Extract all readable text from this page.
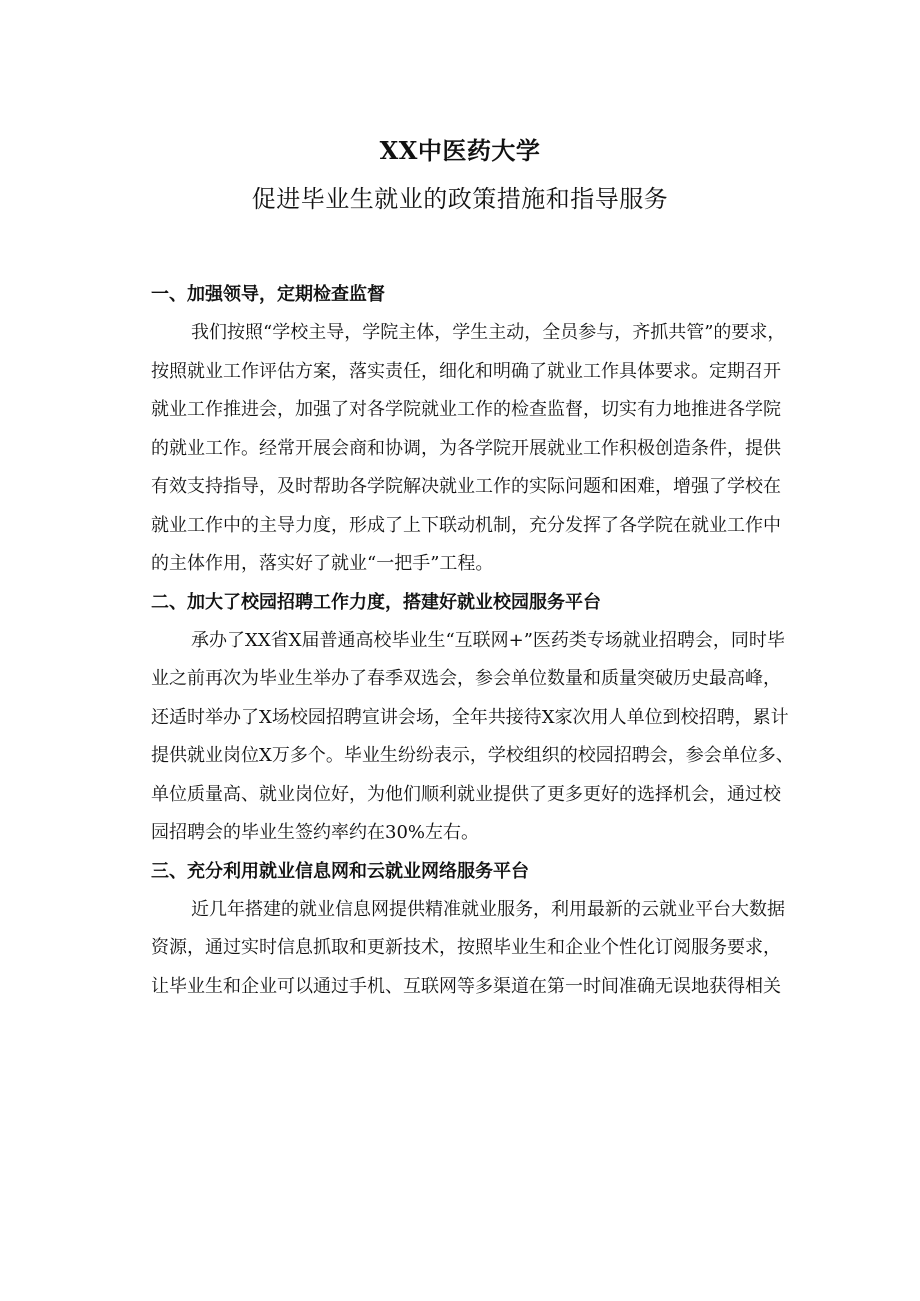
XX中医药大学
促进毕业生就业的政策措施和指导服务
一、加强领导，定期检查监督
我们按照“学校主导，学院主体，学生主动，全员参与，齐抓共管”的要求，
按照就业工作评估方案，落实责任，细化和明确了就业工作具体要求。定期召开
就业工作推进会，加强了对各学院就业工作的检查监督，切实有力地推进各学院
的就业工作。经常开展会商和协调，为各学院开展就业工作积极创造条件，提供
有效支持指导，及时帮助各学院解决就业工作的实际问题和困难，增强了学校在
就业工作中的主导力度，形成了上下联动机制，充分发挥了各学院在就业工作中
的主体作用，落实好了就业“一把手”工程。
二、加大了校园招聘工作力度，搭建好就业校园服务平台
承办了XX省X届普通高校毕业生“互联网+”医药类专场就业招聘会，同时毕
业之前再次为毕业生举办了春季双选会，参会单位数量和质量突破历史最高峰，
还适时举办了X场校园招聘宣讲会场，全年共接待X家次用人单位到校招聘，累计
提供就业岗位X万多个。毕业生纷纷表示，学校组织的校园招聘会，参会单位多、
单位质量高、就业岗位好，为他们顺利就业提供了更多更好的选择机会，通过校
园招聘会的毕业生签约率约在30%左右。
三、充分利用就业信息网和云就业网络服务平台
近几年搭建的就业信息网提供精准就业服务，利用最新的云就业平台大数据
资源，通过实时信息抓取和更新技术，按照毕业生和企业个性化订阅服务要求，
让毕业生和企业可以通过手机、互联网等多渠道在第一时间准确无误地获得相关
